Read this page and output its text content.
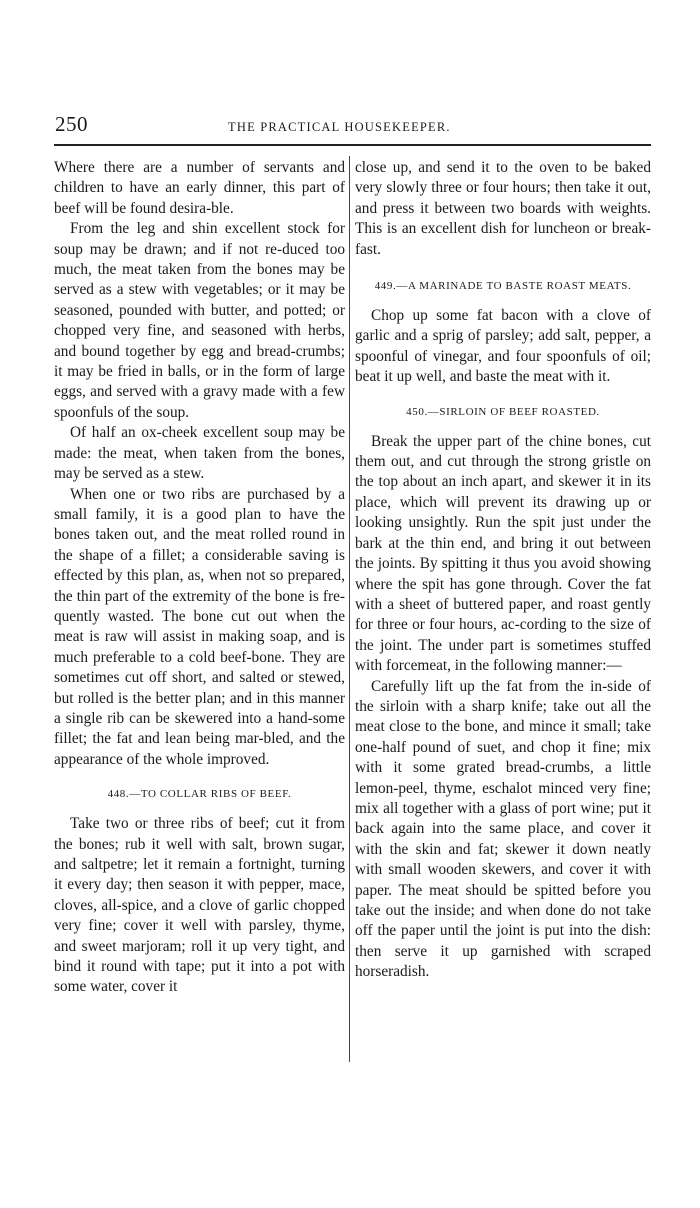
250	THE PRACTICAL HOUSEKEEPER.

Where there are a number of servants and children to have an early dinner, this part of beef will be found desira-ble.

From the leg and shin excellent stock for soup may be drawn; and if not re-duced too much, the meat taken from the bones may be served as a stew with vegetables; or it may be seasoned, pounded with butter, and potted; or chopped very fine, and seasoned with herbs, and bound together by egg and bread-crumbs; it may be fried in balls, or in the form of large eggs, and served with a gravy made with a few spoonfuls of the soup.

Of half an ox-cheek excellent soup may be made: the meat, when taken from the bones, may be served as a stew.

When one or two ribs are purchased by a small family, it is a good plan to have the bones taken out, and the meat rolled round in the shape of a fillet; a considerable saving is effected by this plan, as, when not so prepared, the thin part of the extremity of the bone is fre-quently wasted. The bone cut out when the meat is raw will assist in making soap, and is much preferable to a cold beef-bone. They are sometimes cut off short, and salted or stewed, but rolled is the better plan; and in this manner a single rib can be skewered into a hand-some fillet; the fat and lean being mar-bled, and the appearance of the whole improved.

448.—TO COLLAR RIBS OF BEEF.

Take two or three ribs of beef; cut it from the bones; rub it well with salt, brown sugar, and saltpetre; let it remain a fortnight, turning it every day; then season it with pepper, mace, cloves, all-spice, and a clove of garlic chopped very fine; cover it well with parsley, thyme, and sweet marjoram; roll it up very tight, and bind it round with tape; put it into a pot with some water, cover it

close up, and send it to the oven to be baked very slowly three or four hours; then take it out, and press it between two boards with weights. This is an excellent dish for luncheon or break-fast.

449.—A MARINADE TO BASTE ROAST MEATS.

Chop up some fat bacon with a clove of garlic and a sprig of parsley; add salt, pepper, a spoonful of vinegar, and four spoonfuls of oil; beat it up well, and baste the meat with it.

450.—SIRLOIN OF BEEF ROASTED.

Break the upper part of the chine bones, cut them out, and cut through the strong gristle on the top about an inch apart, and skewer it in its place, which will prevent its drawing up or looking unsightly. Run the spit just under the bark at the thin end, and bring it out between the joints. By spitting it thus you avoid showing where the spit has gone through. Cover the fat with a sheet of buttered paper, and roast gently for three or four hours, ac-cording to the size of the joint. The under part is sometimes stuffed with forcemeat, in the following manner:—

Carefully lift up the fat from the in-side of the sirloin with a sharp knife; take out all the meat close to the bone, and mince it small; take one-half pound of suet, and chop it fine; mix with it some grated bread-crumbs, a little lemon-peel, thyme, eschalot minced very fine; mix all together with a glass of port wine; put it back again into the same place, and cover it with the skin and fat; skewer it down neatly with small wooden skewers, and cover it with paper. The meat should be spitted before you take out the inside; and when done do not take off the paper until the joint is put into the dish: then serve it up garnished with scraped horseradish.
